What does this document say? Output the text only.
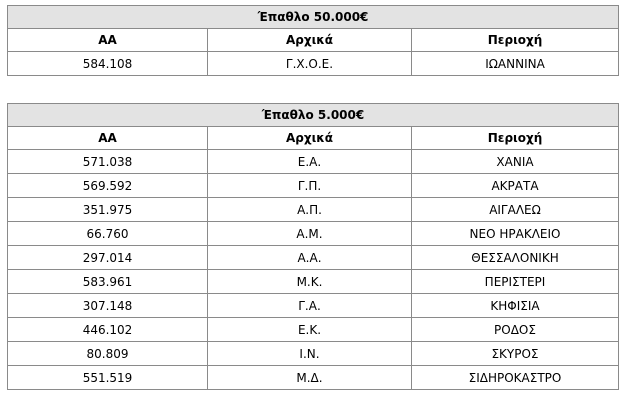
Έπαθλο 50.000€		
ΑΑ	Αρχικά	Περιοχή
584.108	Γ.Χ.Ο.Ε.	ΙΩΑΝΝΙΝΑ
Έπαθλο 5.000€		
ΑΑ	Αρχικά	Περιοχή
571.038	Ε.Α.	ΧΑΝΙΑ
569.592	Γ.Π.	ΑΚΡΑΤΑ
351.975	Α.Π.	ΑΙΓΑΛΕΩ
66.760	Α.Μ.	ΝΕΟ ΗΡΑΚΛΕΙΟ
297.014	Α.Α.	ΘΕΣΣΑΛΟΝΙΚΗ
583.961	Μ.Κ.	ΠΕΡΙΣΤΕΡΙ
307.148	Γ.Α.	ΚΗΦΙΣΙΑ
446.102	Ε.Κ.	ΡΟΔΟΣ
80.809	Ι.Ν.	ΣΚΥΡΟΣ
551.519	Μ.Δ.	ΣΙΔΗΡΟΚΑΣΤΡΟ
